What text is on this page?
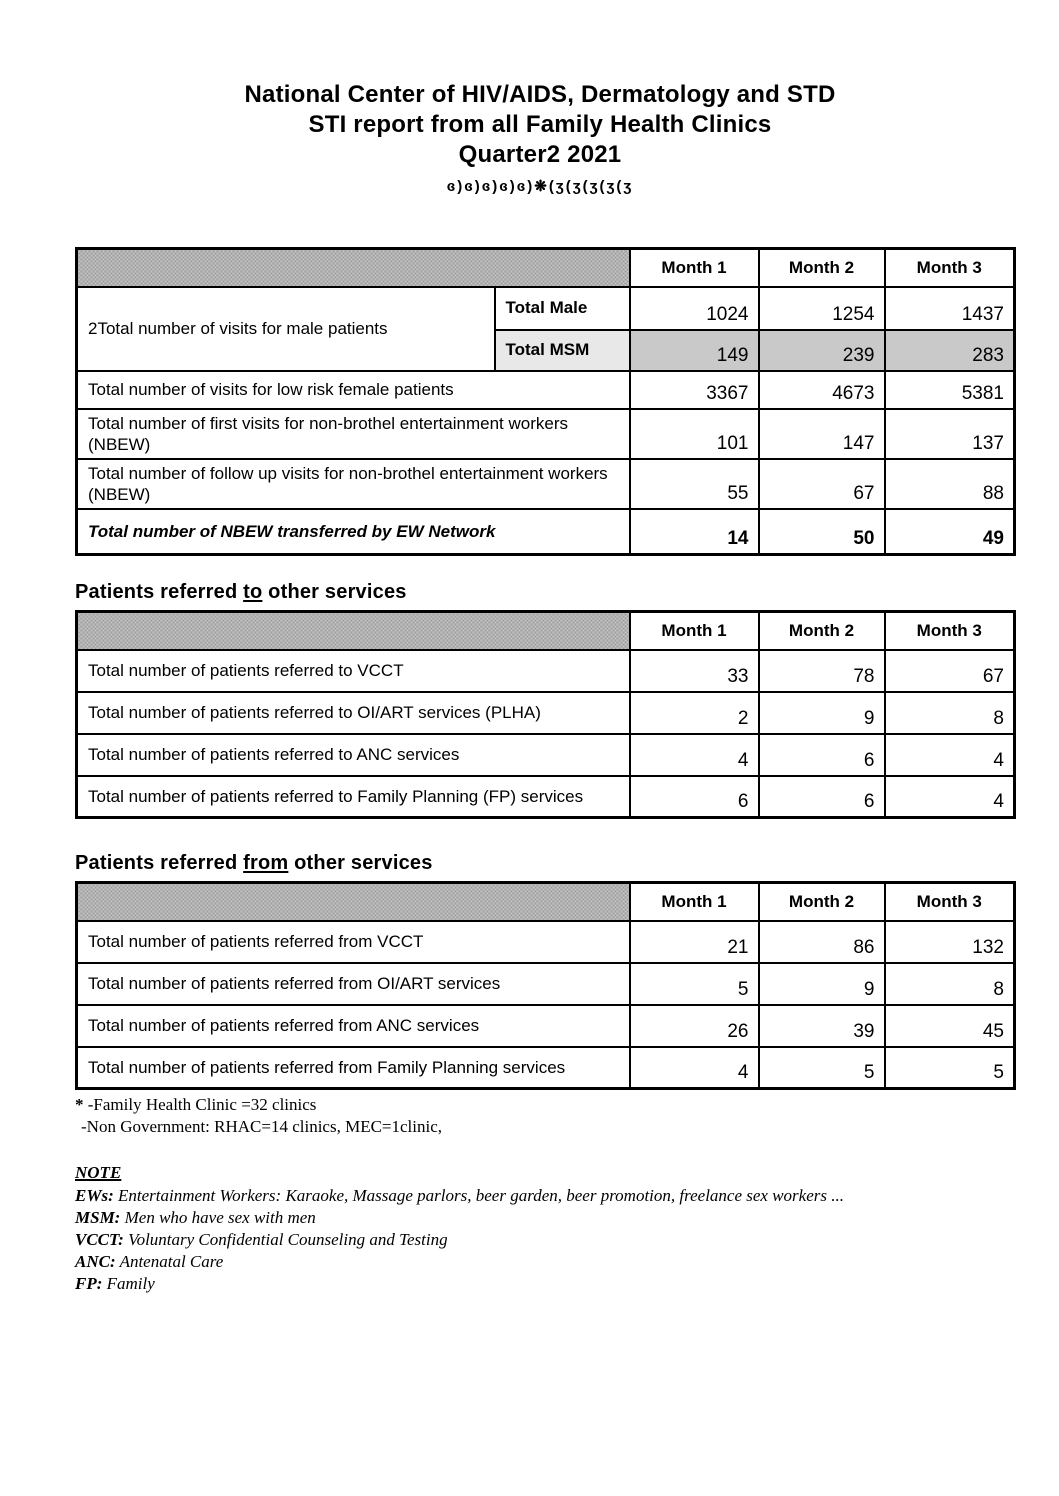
National Center of HIV/AIDS, Dermatology and STD
STI report from all Family Health Clinics
Quarter2 2021
ɞ)ɞ)ɞ)ɞ)ɞ)❋(ʒ(ʒ(ʒ(ʒ(ʒ
		Month 1	Month 2	Month 3
2Total number of visits for male patients	Total Male	1024	1254	1437
	Total MSM	149	239	283
Total number of visits for low risk female patients		3367	4673	5381
Total number of first visits for non-brothel entertainment workers (NBEW)		101	147	137
Total number of follow up visits for non-brothel entertainment workers (NBEW)		55	67	88
Total number of NBEW transferred by EW Network		14	50	49
Patients referred to other services
	Month 1	Month 2	Month 3
Total number of patients referred to VCCT	33	78	67
Total number of patients referred to OI/ART services (PLHA)	2	9	8
Total number of patients referred to ANC services	4	6	4
Total number of patients referred to Family Planning (FP) services	6	6	4
Patients referred from other services
	Month 1	Month 2	Month 3
Total number of patients referred from VCCT	21	86	132
Total number of patients referred from OI/ART services	5	9	8
Total number of patients referred from ANC services	26	39	45
Total number of patients referred from Family Planning services	4	5	5
* -Family Health Clinic =32 clinics
-Non Government: RHAC=14 clinics, MEC=1clinic,
NOTE
EWs: Entertainment Workers: Karaoke, Massage parlors, beer garden, beer promotion, freelance sex workers ...
MSM: Men who have sex with men
VCCT: Voluntary Confidential Counseling and Testing
ANC: Antenatal Care
FP: Family
